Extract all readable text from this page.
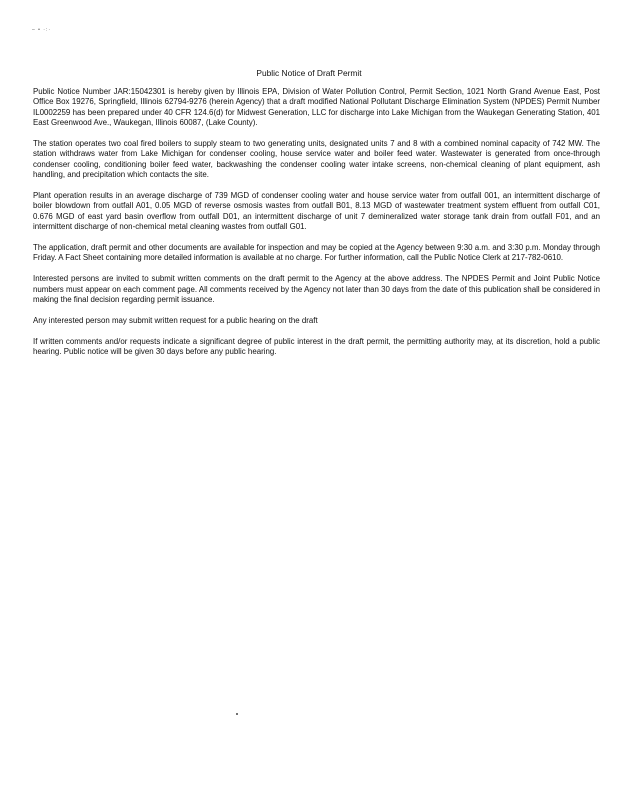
– • ·:·
Public Notice of Draft Permit

Public Notice Number JAR:15042301 is hereby given by Illinois EPA, Division of Water Pollution Control, Permit Section, 1021 North Grand Avenue East, Post Office Box 19276, Springfield, Illinois 62794-9276 (herein Agency) that a draft modified National Pollutant Discharge Elimination System (NPDES) Permit Number IL0002259 has been prepared under 40 CFR 124.6(d) for Midwest Generation, LLC for discharge into Lake Michigan from the Waukegan Generating Station, 401 East Greenwood Ave., Waukegan, Illinois 60087, (Lake County).

The station operates two coal fired boilers to supply steam to two generating units, designated units 7 and 8 with a combined nominal capacity of 742 MW. The station withdraws water from Lake Michigan for condenser cooling, house service water and boiler feed water. Wastewater is generated from once-through condenser cooling, conditioning boiler feed water, backwashing the condenser cooling water intake screens, non-chemical cleaning of plant equipment, ash handling, and precipitation which contacts the site.

Plant operation results in an average discharge of 739 MGD of condenser cooling water and house service water from outfall 001, an intermittent discharge of boiler blowdown from outfall A01, 0.05 MGD of reverse osmosis wastes from outfall B01, 8.13 MGD of wastewater treatment system effluent from outfall C01, 0.676 MGD of east yard basin overflow from outfall D01, an intermittent discharge of unit 7 demineralized water storage tank drain from outfall F01, and an intermittent discharge of non-chemical metal cleaning wastes from outfall G01.

The application, draft permit and other documents are available for inspection and may be copied at the Agency between 9:30 a.m. and 3:30 p.m. Monday through Friday. A Fact Sheet containing more detailed information is available at no charge. For further information, call the Public Notice Clerk at 217-782-0610.

Interested persons are invited to submit written comments on the draft permit to the Agency at the above address. The NPDES Permit and Joint Public Notice numbers must appear on each comment page. All comments received by the Agency not later than 30 days from the date of this publication shall be considered in making the final decision regarding permit issuance.

Any interested person may submit written request for a public hearing on the draft

If written comments and/or requests indicate a significant degree of public interest in the draft permit, the permitting authority may, at its discretion, hold a public hearing. Public notice will be given 30 days before any public hearing.
